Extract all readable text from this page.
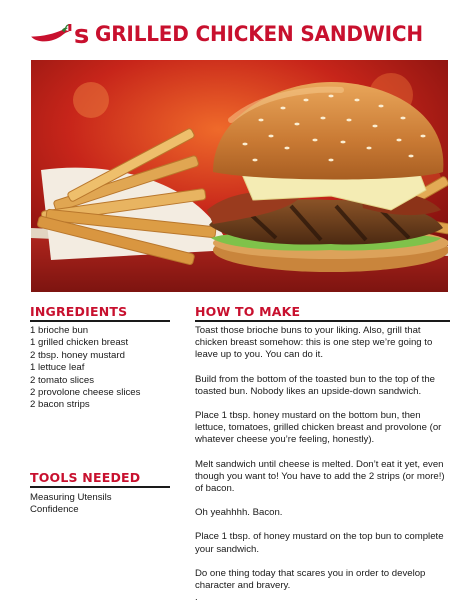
's GRILLED CHICKEN SANDWICH
INGREDIENTS
1 brioche bun
1 grilled chicken breast
2 tbsp. honey mustard
1 lettuce leaf
2 tomato slices
2 provolone cheese slices
2 bacon strips
TOOLS NEEDED
Measuring Utensils
Confidence
HOW TO MAKE

Toast those brioche buns to your liking. Also, grill that chicken breast somehow: this is one step we’re going to leave up to you. You can do it.

Build from the bottom of the toasted bun to the top of the toasted bun. Nobody likes an upside-down sandwich.

Place 1 tbsp. honey mustard on the bottom bun, then lettuce, tomatoes, grilled chicken breast and provolone (or whatever cheese you’re feeling, honestly).

Melt sandwich until cheese is melted. Don’t eat it yet, even though you want to! You have to add the 2 strips (or more!) of bacon.

Oh yeahhhh. Bacon.

Place 1 tbsp. of honey mustard on the top bun to complete your sandwich.

Do one thing today that scares you in order to develop character and bravery.

.
